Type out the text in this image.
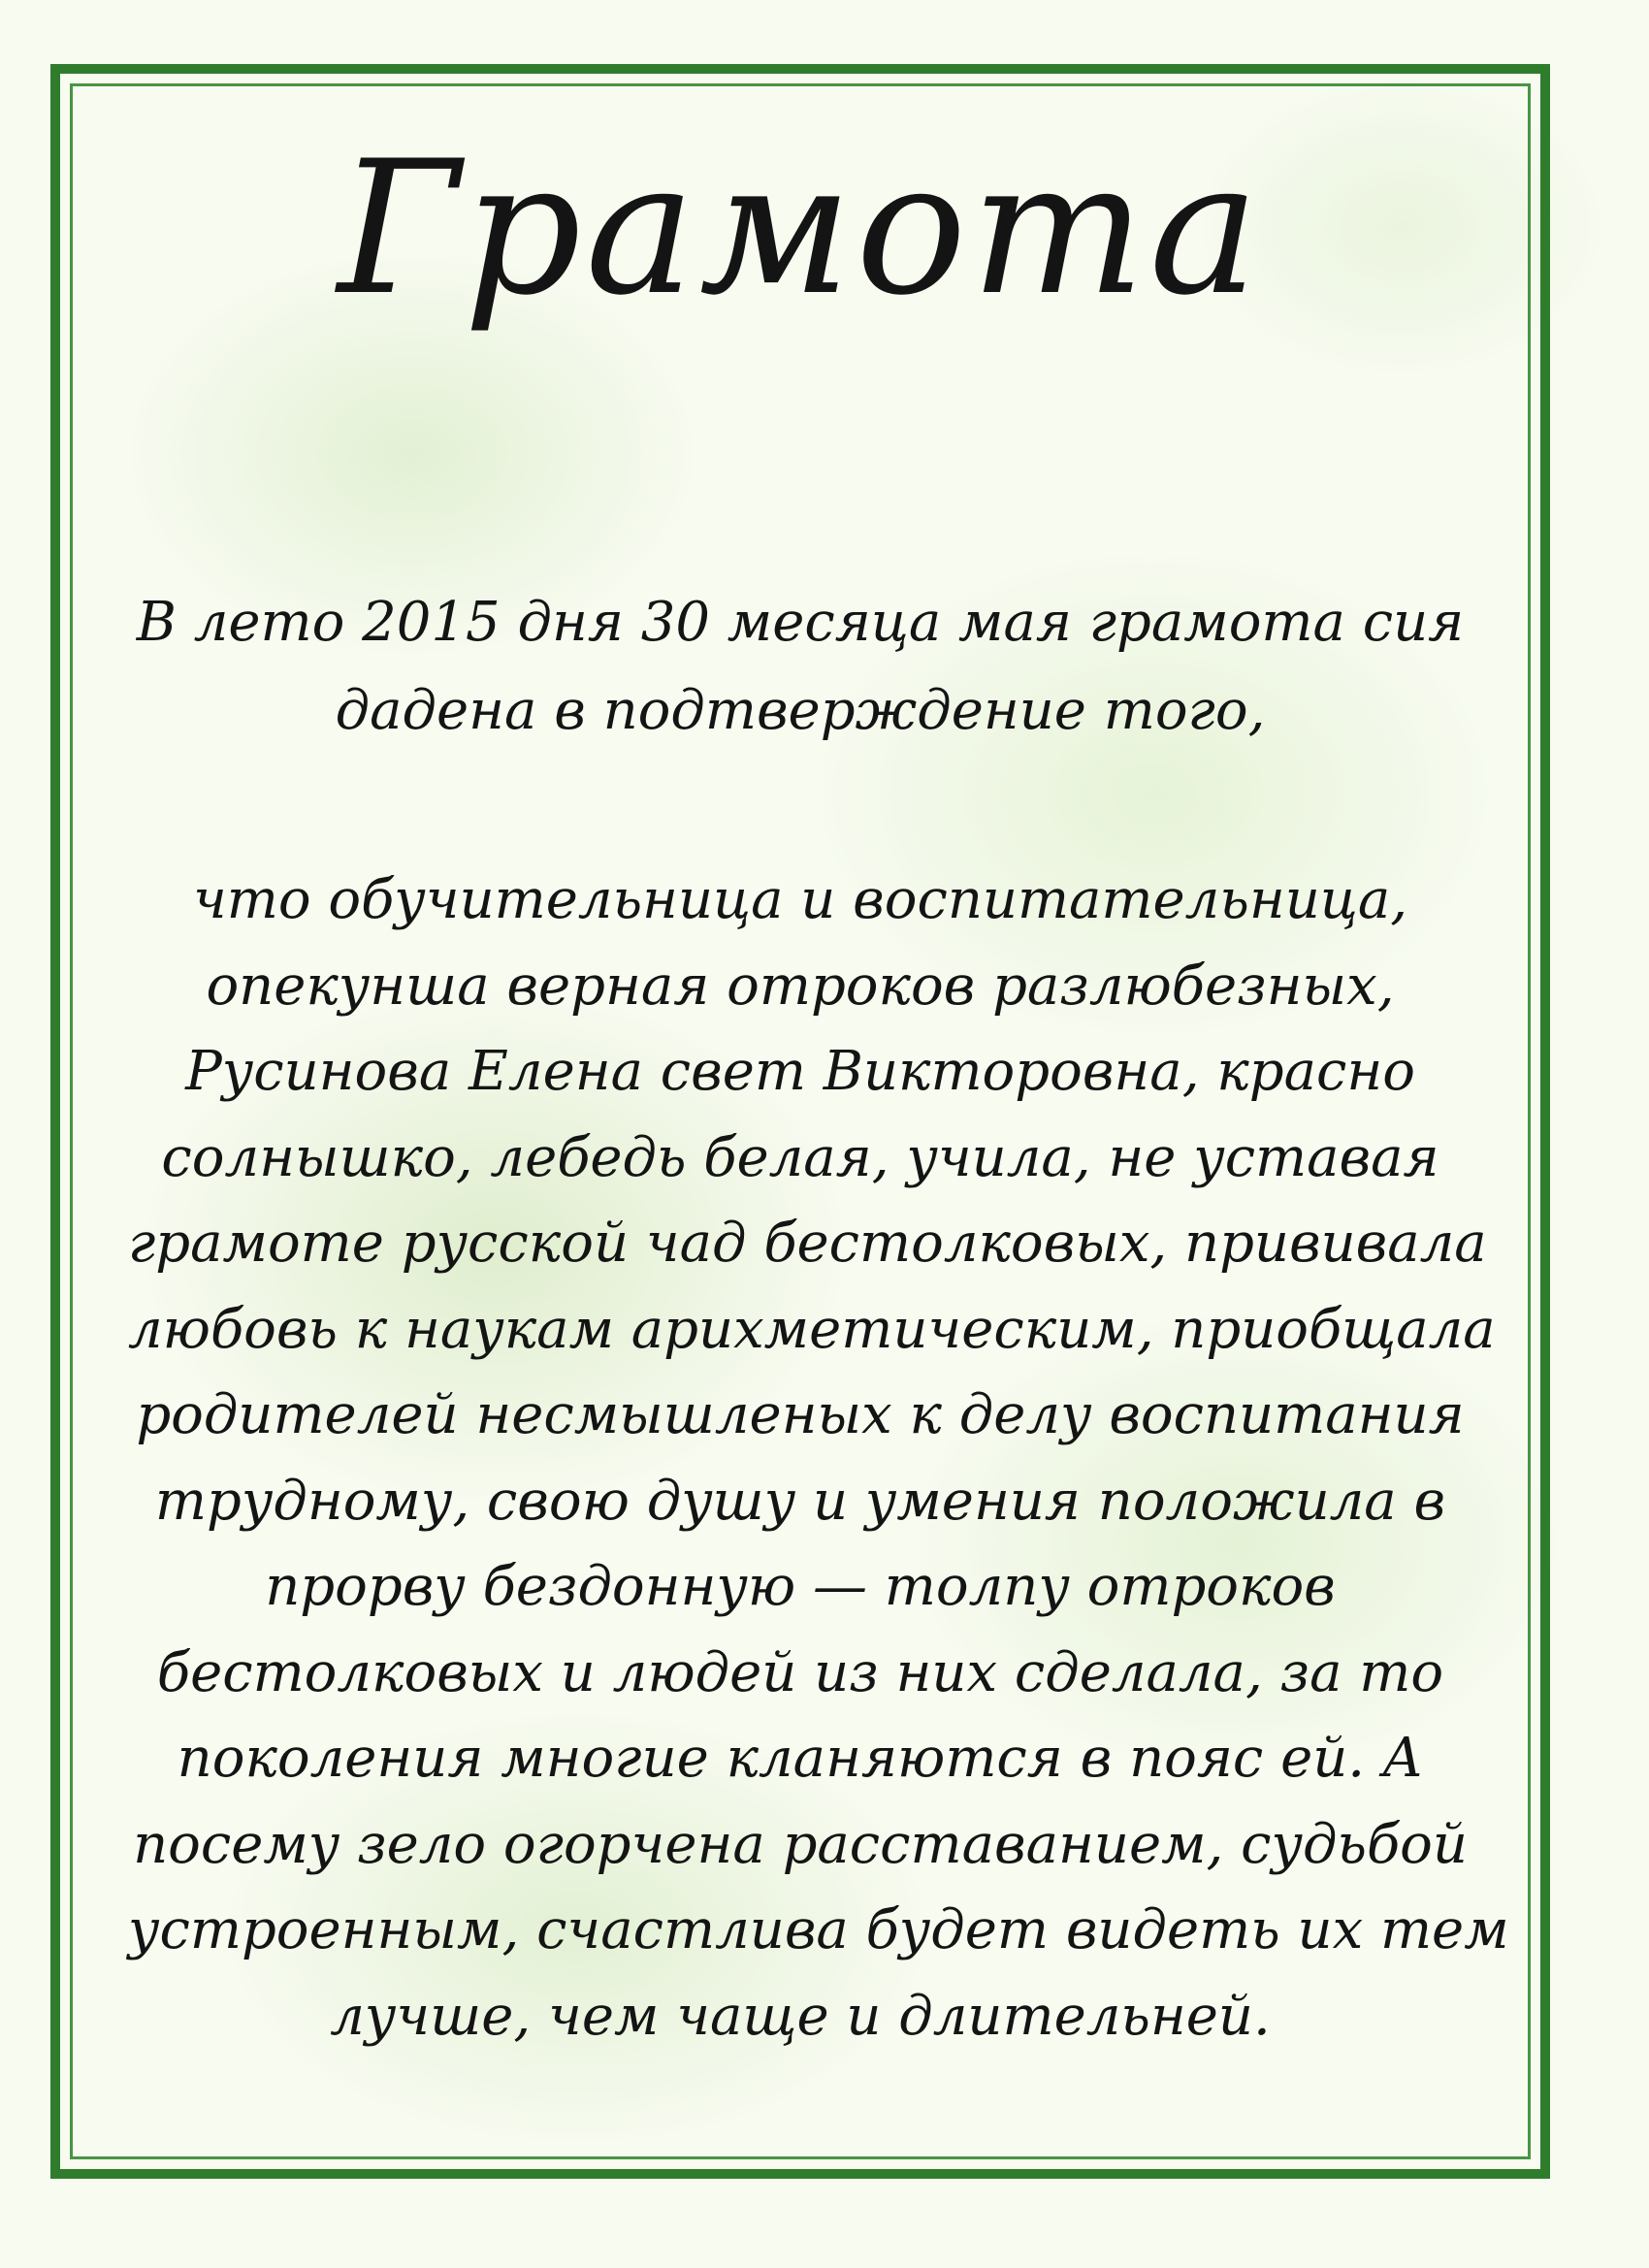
Грамота

В лето 2015 дня 30 месяца мая грамота сия
дадена в подтверждение того,

что обучительница и воспитательница,
опекунша верная отроков разлюбезных,
Русинова Елена свет Викторовна, красно
солнышко, лебедь белая, учила, не уставая
грамоте русской чад бестолковых, прививала
любовь к наукам арихметическим, приобщала
родителей несмышленых к делу воспитания
трудному, свою душу и умения положила в
прорву бездонную — толпу отроков
бестолковых и людей из них сделала, за то
поколения многие кланяются в пояс ей. А
посему зело огорчена расставанием, судьбой
устроенным, счастлива будет видеть их тем
лучше, чем чаще и длительней.
